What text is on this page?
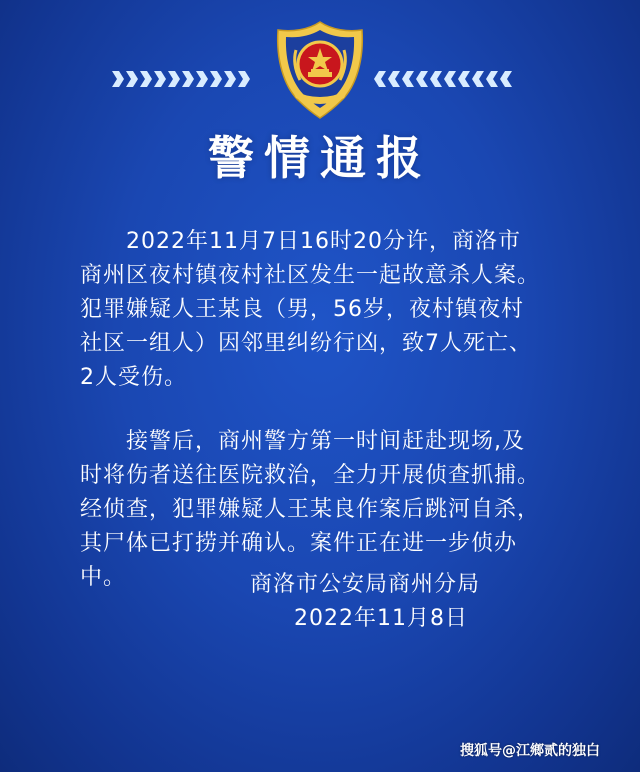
警情通报

　　2022年11月7日16时20分许，商洛市
商州区夜村镇夜村社区发生一起故意杀人案。
犯罪嫌疑人王某良（男，56岁，夜村镇夜村
社区一组人）因邻里纠纷行凶，致7人死亡、
2人受伤。

　　接警后，商州警方第一时间赶赴现场,及
时将伤者送往医院救治，全力开展侦查抓捕。
经侦查，犯罪嫌疑人王某良作案后跳河自杀，
其尸体已打捞并确认。案件正在进一步侦办
中。	商洛市公安局商州分局
2022年11月8日
搜狐号@江鄉贰的独白
